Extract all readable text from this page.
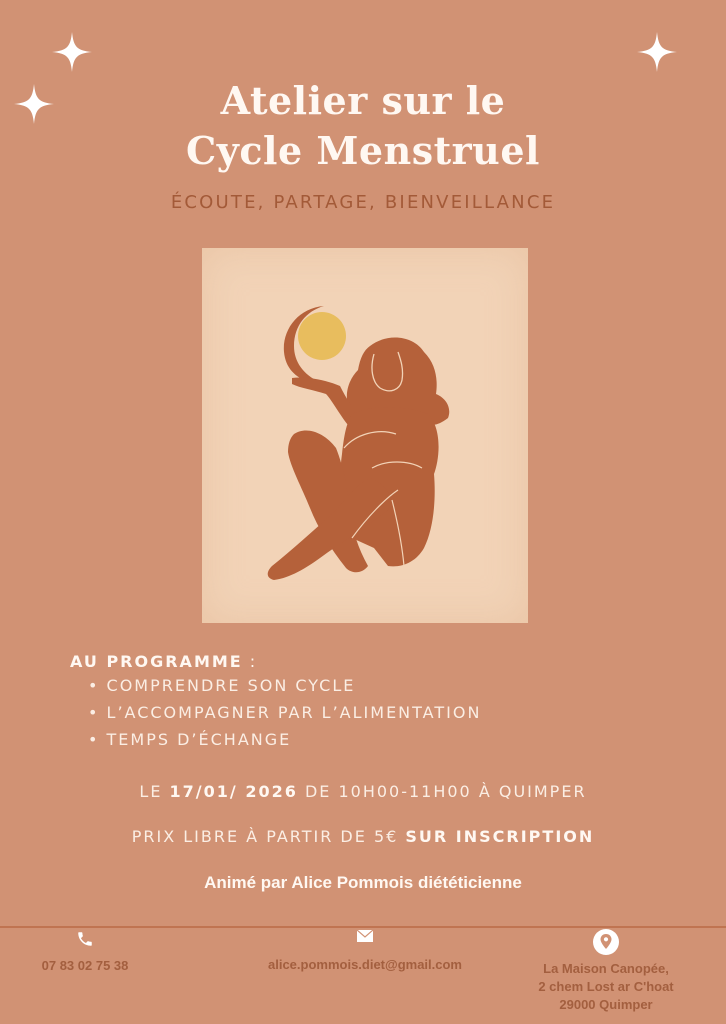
Atelier sur le
Cycle Menstruel
ÉCOUTE, PARTAGE, BIENVEILLANCE
AU PROGRAMME :
• COMPRENDRE SON CYCLE
• L’ACCOMPAGNER PAR L’ALIMENTATION
• TEMPS D’ÉCHANGE
LE 17/01/ 2026 DE 10H00-11H00 À QUIMPER
PRIX LIBRE À PARTIR DE 5€ SUR INSCRIPTION
Animé par Alice Pommois diététicienne
07 83 02 75 38	alice.pommois.diet@gmail.com	La Maison Canopée,
2 chem Lost ar C'hoat
29000 Quimper
